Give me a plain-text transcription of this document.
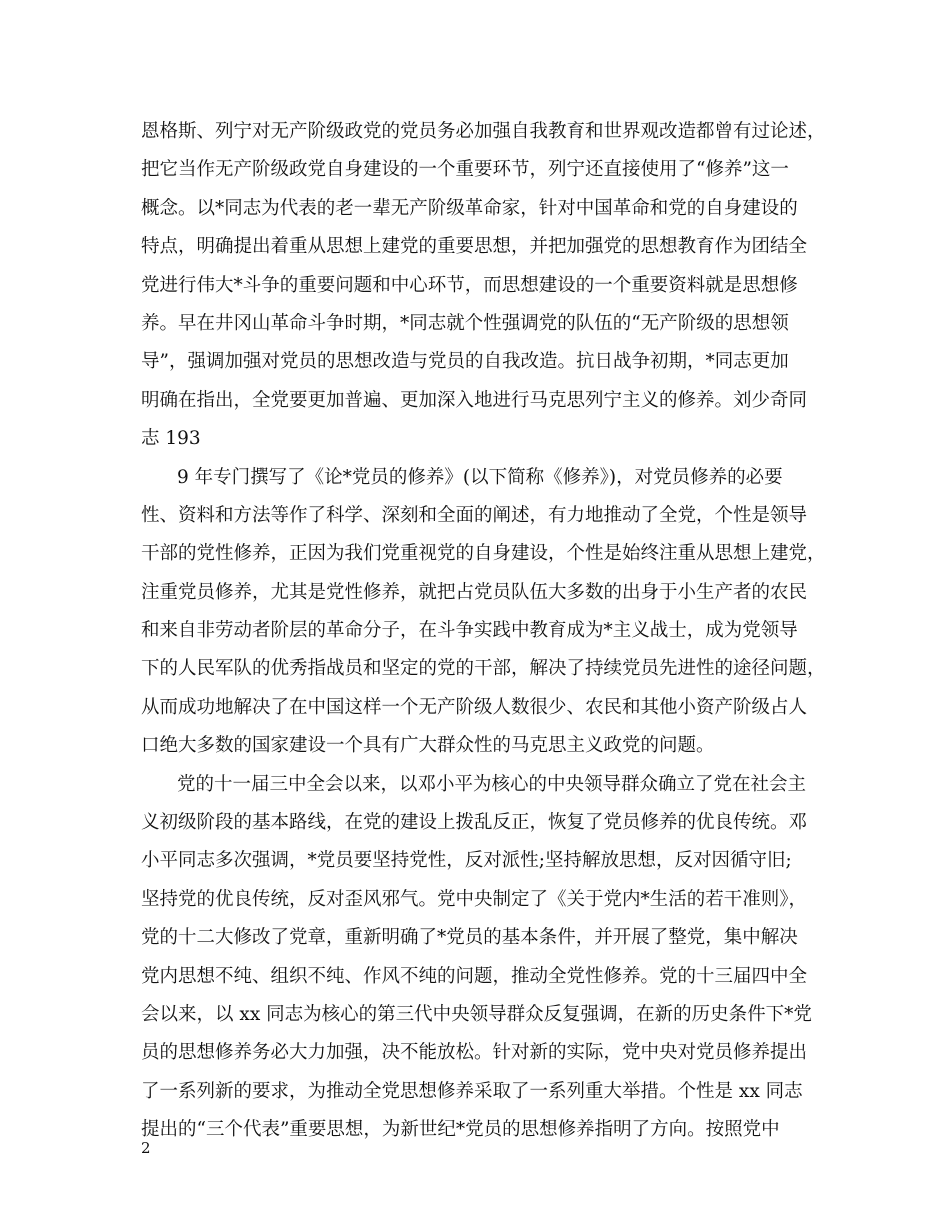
恩格斯、列宁对无产阶级政党的党员务必加强自我教育和世界观改造都曾有过论述，
把它当作无产阶级政党自身建设的一个重要环节，列宁还直接使用了“修养”这一
概念。以*同志为代表的老一辈无产阶级革命家，针对中国革命和党的自身建设的
特点，明确提出着重从思想上建党的重要思想，并把加强党的思想教育作为团结全
党进行伟大*斗争的重要问题和中心环节，而思想建设的一个重要资料就是思想修
养。早在井冈山革命斗争时期，*同志就个性强调党的队伍的“无产阶级的思想领
导”，强调加强对党员的思想改造与党员的自我改造。抗日战争初期，*同志更加
明确在指出，全党要更加普遍、更加深入地进行马克思列宁主义的修养。刘少奇同
志 193
9 年专门撰写了《论*党员的修养》(以下简称《修养》)，对党员修养的必要
性、资料和方法等作了科学、深刻和全面的阐述，有力地推动了全党，个性是领导
干部的党性修养，正因为我们党重视党的自身建设，个性是始终注重从思想上建党，
注重党员修养，尤其是党性修养，就把占党员队伍大多数的出身于小生产者的农民
和来自非劳动者阶层的革命分子，在斗争实践中教育成为*主义战士，成为党领导
下的人民军队的优秀指战员和坚定的党的干部，解决了持续党员先进性的途径问题，
从而成功地解决了在中国这样一个无产阶级人数很少、农民和其他小资产阶级占人
口绝大多数的国家建设一个具有广大群众性的马克思主义政党的问题。
党的十一届三中全会以来，以邓小平为核心的中央领导群众确立了党在社会主
义初级阶段的基本路线，在党的建设上拨乱反正，恢复了党员修养的优良传统。邓
小平同志多次强调，*党员要坚持党性，反对派性;坚持解放思想，反对因循守旧;
坚持党的优良传统，反对歪风邪气。党中央制定了《关于党内*生活的若干准则》，
党的十二大修改了党章，重新明确了*党员的基本条件，并开展了整党，集中解决
党内思想不纯、组织不纯、作风不纯的问题，推动全党性修养。党的十三届四中全
会以来，以 xx 同志为核心的第三代中央领导群众反复强调，在新的历史条件下*党
员的思想修养务必大力加强，决不能放松。针对新的实际，党中央对党员修养提出
了一系列新的要求，为推动全党思想修养采取了一系列重大举措。个性是 xx 同志
提出的“三个代表”重要思想，为新世纪*党员的思想修养指明了方向。按照党中
2
